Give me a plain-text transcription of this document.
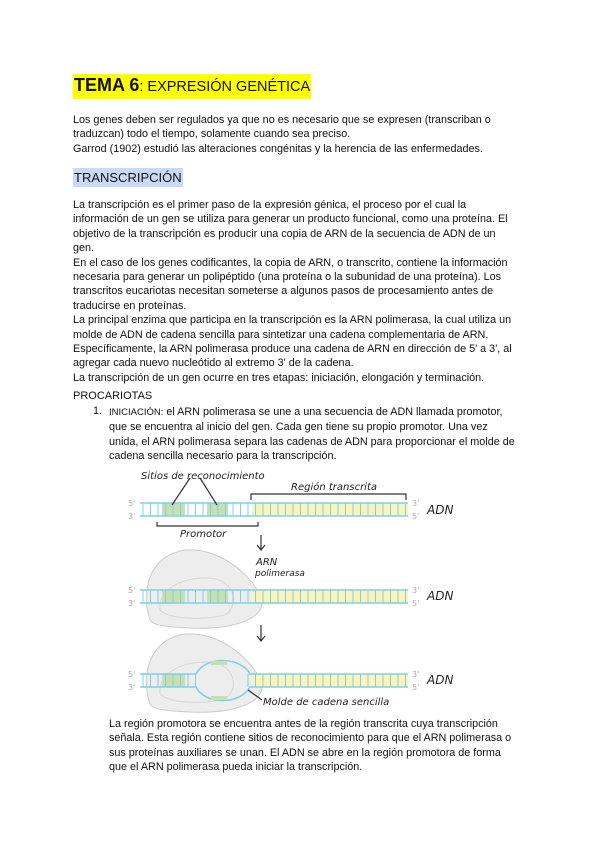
TEMA 6: EXPRESIÓN GENÉTICA
Los genes deben ser regulados ya que no es necesario que se expresen (transcriban o
traduzcan) todo el tiempo, solamente cuando sea preciso.
Garrod (1902) estudió las alteraciones congénitas y la herencia de las enfermedades.
TRANSCRIPCIÓN
La transcripción es el primer paso de la expresión génica, el proceso por el cual la
información de un gen se utiliza para generar un producto funcional, como una proteína. El
objetivo de la transcripción es producir una copia de ARN de la secuencia de ADN de un
gen.
En el caso de los genes codificantes, la copia de ARN, o transcrito, contiene la información
necesaria para generar un polipéptido (una proteína o la subunidad de una proteína). Los
transcritos eucariotas necesitan someterse a algunos pasos de procesamiento antes de
traducirse en proteínas.
La principal enzima que participa en la transcripción es la ARN polimerasa, la cual utiliza un
molde de ADN de cadena sencilla para sintetizar una cadena complementaria de ARN.
Específicamente, la ARN polimerasa produce una cadena de ARN en dirección de 5' a 3', al
agregar cada nuevo nucleótido al extremo 3' de la cadena.
La transcripción de un gen ocurre en tres etapas: iniciación, elongación y terminación.
PROCARIOTAS
1. INICIACIÓN: el ARN polimerasa se une a una secuencia de ADN llamada promotor,
que se encuentra al inicio del gen. Cada gen tiene su propio promotor. Una vez
unida, el ARN polimerasa separa las cadenas de ADN para proporcionar el molde de
cadena sencilla necesario para la transcripción.
Sitios de reconocimiento
Región transcrita
Promotor
ARN
polimerasa
Molde de cadena sencilla
ADN
ADN
ADN
5'
3'
3'
5'
5'
3'
3'
5'
5'
3'
3'
5'
La región promotora se encuentra antes de la región transcrita cuya transcripción
señala. Esta región contiene sitios de reconocimiento para que el ARN polimerasa o
sus proteínas auxiliares se unan. El ADN se abre en la región promotora de forma
que el ARN polimerasa pueda iniciar la transcripción.
